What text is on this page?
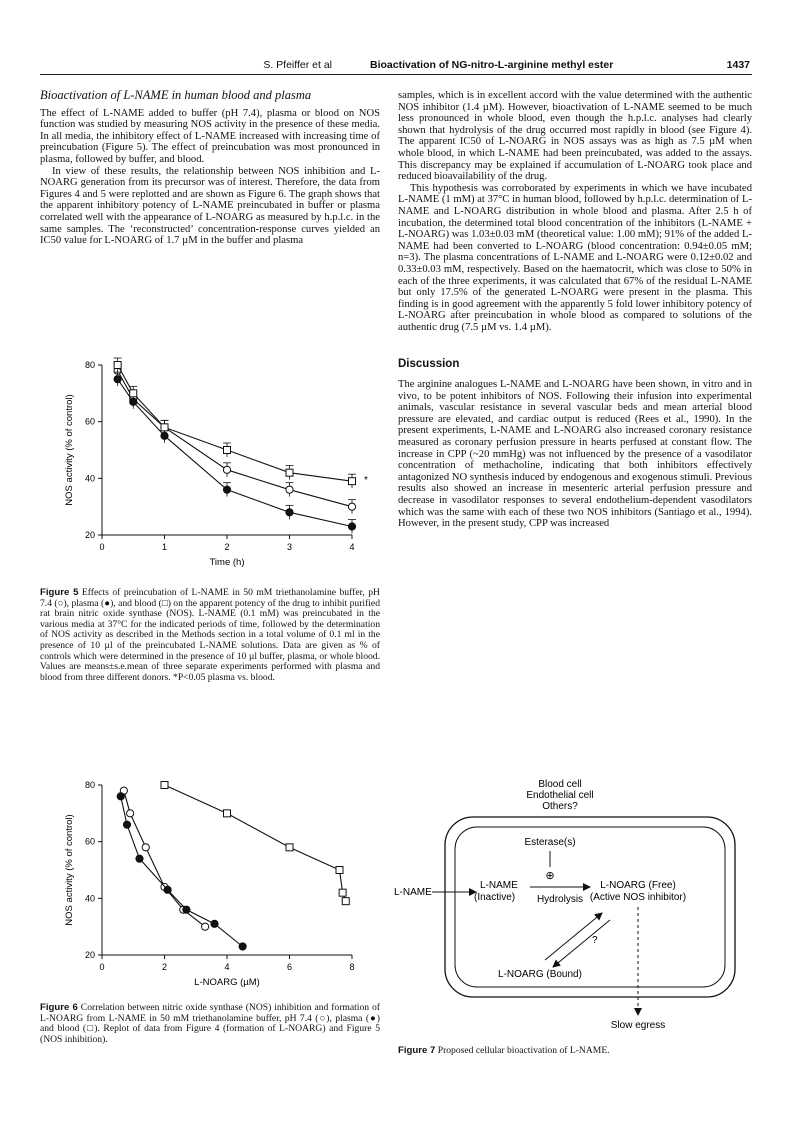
S. Pfeiffer et al	Bioactivation of NG-nitro-L-arginine methyl ester	1437
Bioactivation of L-NAME in human blood and plasma

The effect of L-NAME added to buffer (pH 7.4), plasma or blood on NOS function was studied by measuring NOS activity in the presence of these media. In all media, the inhibitory effect of L-NAME increased with increasing time of preincubation (Figure 5). The effect of preincubation was most pronounced in plasma, followed by buffer, and blood.

In view of these results, the relationship between NOS inhibition and L-NOARG generation from its precursor was of interest. Therefore, the data from Figures 4 and 5 were replotted and are shown as Figure 6. The graph shows that the apparent inhibitory potency of L-NAME preincubated in buffer or plasma correlated well with the appearance of L-NOARG as measured by h.p.l.c. in the same samples. The ‘reconstructed’ concentration-response curves yielded an IC50 value for L-NOARG of 1.7 µM in the buffer and plasma

0	1	2	3	4
20
40
60
80
Time (h)
NOS activity (% of control)	*
Figure 5 Effects of preincubation of L-NAME in 50 mM triethanolamine buffer, pH 7.4 (○), plasma (●), and blood (□) on the apparent potency of the drug to inhibit purified rat brain nitric oxide synthase (NOS). L-NAME (0.1 mM) was preincubated in the various media at 37°C for the indicated periods of time, followed by the determination of NOS activity as described in the Methods section in a total volume of 0.1 ml in the presence of 10 µl of the preincubated L-NAME solutions. Data are given as % of controls which were determined in the presence of 10 µl buffer, plasma, or whole blood. Values are means±s.e.mean of three separate experiments performed with plasma and blood from three different donors. *P<0.05 plasma vs. blood.

samples, which is in excellent accord with the value determined with the authentic NOS inhibitor (1.4 µM). However, bioactivation of L-NAME seemed to be much less pronounced in whole blood, even though the h.p.l.c. analyses had clearly shown that hydrolysis of the drug occurred most rapidly in blood (see Figure 4). The apparent IC50 of L-NOARG in NOS assays was as high as 7.5 µM when whole blood, in which L-NAME had been preincubated, was added to the assays. This discrepancy may be explained if accumulation of L-NOARG took place and reduced bioavailability of the drug.

This hypothesis was corroborated by experiments in which we have incubated L-NAME (1 mM) at 37°C in human blood, followed by h.p.l.c. determination of L-NAME and L-NOARG distribution in whole blood and plasma. After 2.5 h of incubation, the determined total blood concentration of the inhibitors (L-NAME + L-NOARG) was 1.03±0.03 mM (theoretical value: 1.00 mM); 91% of the added L-NAME had been converted to L-NOARG (blood concentration: 0.94±0.05 mM; n=3). The plasma concentrations of L-NAME and L-NOARG were 0.12±0.02 and 0.33±0.03 mM, respectively. Based on the haematocrit, which was close to 50% in each of the three experiments, it was calculated that 67% of the residual L-NAME but only 17.5% of the generated L-NOARG were present in the plasma. This finding is in good agreement with the apparently 5 fold lower inhibitory potency of L-NOARG after preincubation in whole blood as compared to solutions of the authentic drug (7.5 µM vs. 1.4 µM).

Discussion

The arginine analogues L-NAME and L-NOARG have been shown, in vitro and in vivo, to be potent inhibitors of NOS. Following their infusion into experimental animals, vascular resistance in several vascular beds and mean arterial blood pressure are elevated, and cardiac output is reduced (Rees et al., 1990). In the present experiments, L-NAME and L-NOARG also increased coronary resistance measured as coronary perfusion pressure in hearts perfused at constant flow. The increase in CPP (~20 mmHg) was not influenced by the presence of a vasodilator concentration of methacholine, indicating that both inhibitors effectively antagonized NO synthesis induced by endogenous and exogenous stimuli. Previous results also showed an increase in mesenteric arterial perfusion pressure and decrease in vasodilator responses to several endothelium-dependent vasodilators which was the same with each of these two NOS inhibitors (Santiago et al., 1994). However, in the present study, CPP was increased

0	2	4	6	8
20
40
60
80
L-NOARG (µM)
NOS activity (% of control)
Figure 6 Correlation between nitric oxide synthase (NOS) inhibition and formation of L-NOARG from L-NAME in 50 mM triethanolamine buffer, pH 7.4 (○), plasma (●) and blood (□). Replot of data from Figure 4 (formation of L-NOARG) and Figure 5 (NOS inhibition).
Blood cell
Endothelial cell
Others?
Esterase(s)
⊕
L-NAME
L-NAME
(Inactive) Hydrolysis
L-NOARG (Free)
(Active NOS inhibitor)
?
L-NOARG (Bound)
Slow egress
Figure 7 Proposed cellular bioactivation of L-NAME.
